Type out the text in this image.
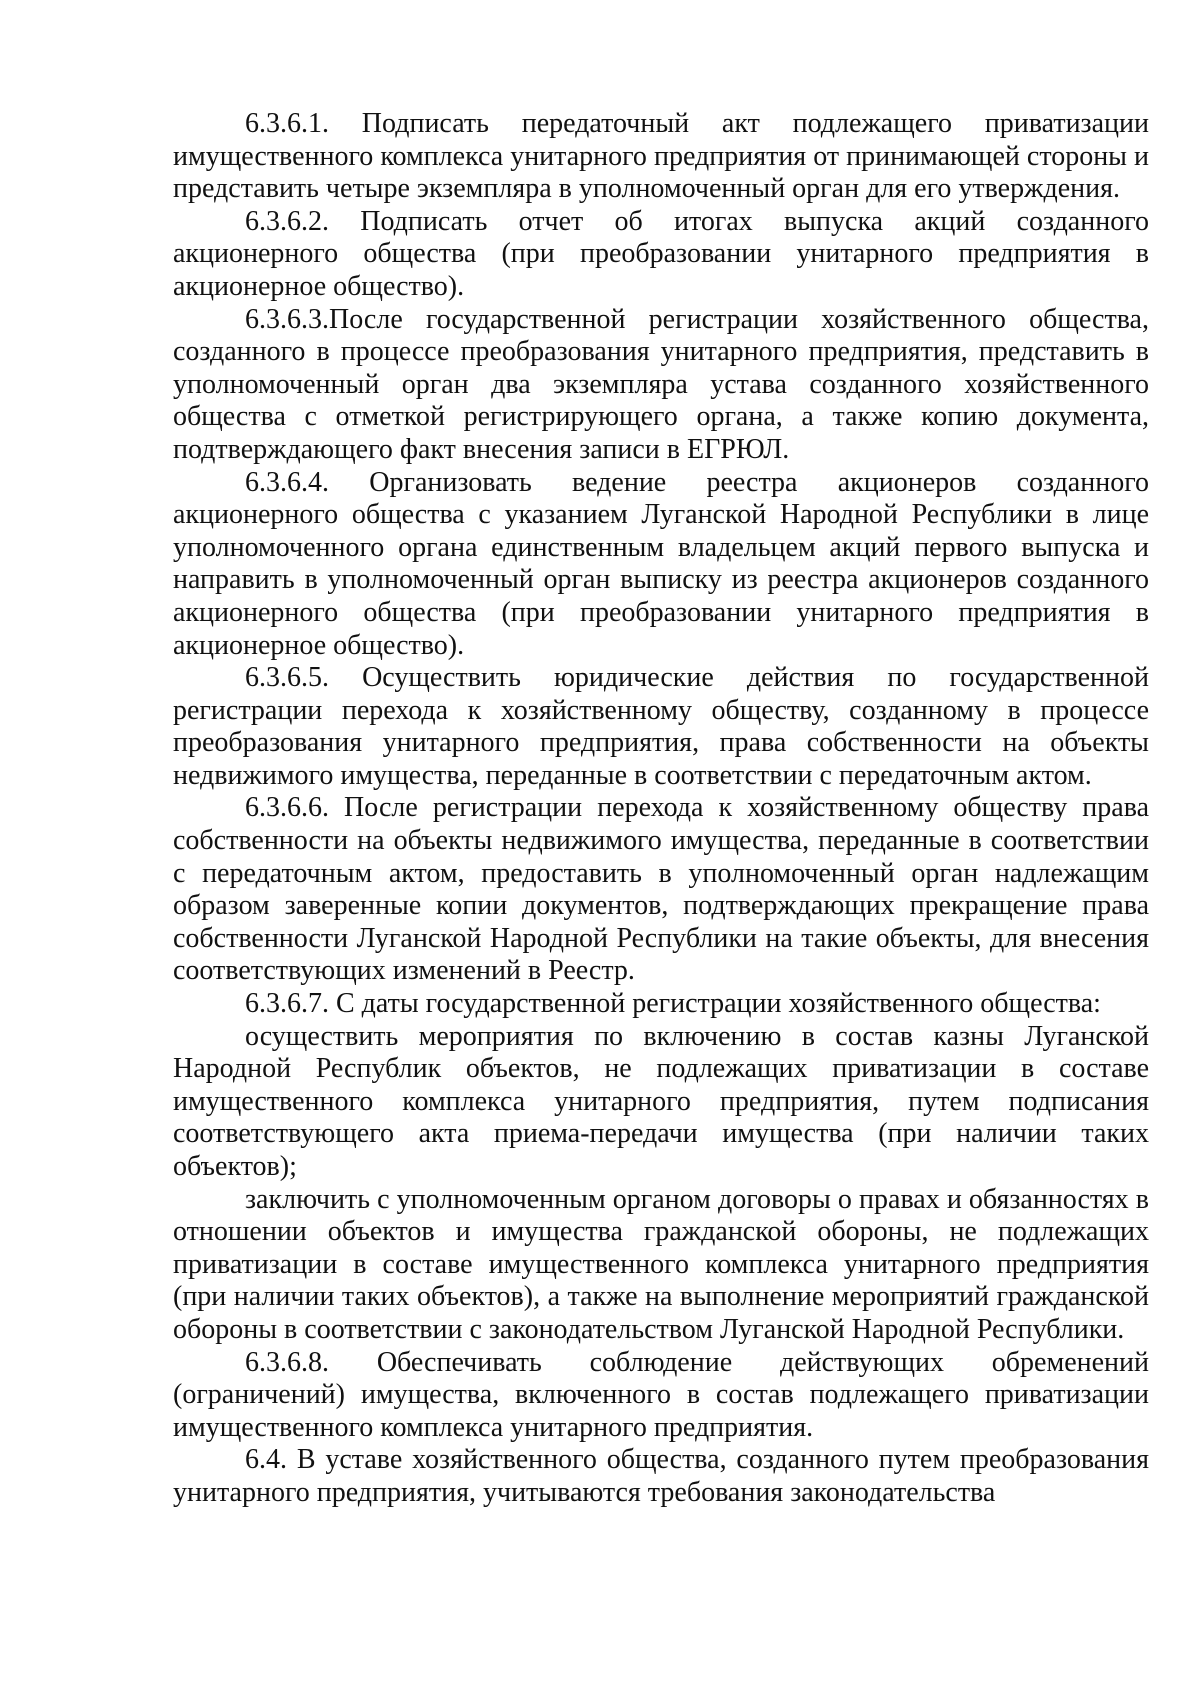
6.3.6.1. Подписать передаточный акт подлежащего приватизации имущественного комплекса унитарного предприятия от принимающей стороны и представить четыре экземпляра в уполномоченный орган для его утверждения.

6.3.6.2. Подписать отчет об итогах выпуска акций созданного акционерного общества (при преобразовании унитарного предприятия в акционерное общество).

6.3.6.3.После государственной регистрации хозяйственного общества, созданного в процессе преобразования унитарного предприятия, представить в уполномоченный орган два экземпляра устава созданного хозяйственного общества с отметкой регистрирующего органа, а также копию документа, подтверждающего факт внесения записи в ЕГРЮЛ.

6.3.6.4. Организовать ведение реестра акционеров созданного акционерного общества с указанием Луганской Народной Республики в лице уполномоченного органа единственным владельцем акций первого выпуска и направить в уполномоченный орган выписку из реестра акционеров созданного акционерного общества (при преобразовании унитарного предприятия в акционерное общество).

6.3.6.5. Осуществить юридические действия по государственной регистрации перехода к хозяйственному обществу, созданному в процессе преобразования унитарного предприятия, права собственности на объекты недвижимого имущества, переданные в соответствии с передаточным актом.

6.3.6.6. После регистрации перехода к хозяйственному обществу права собственности на объекты недвижимого имущества, переданные в соответствии с передаточным актом, предоставить в уполномоченный орган надлежащим образом заверенные копии документов, подтверждающих прекращение права собственности Луганской Народной Республики на такие объекты, для внесения соответствующих изменений в Реестр.

6.3.6.7. С даты государственной регистрации хозяйственного общества:

осуществить мероприятия по включению в состав казны Луганской Народной Республик объектов, не подлежащих приватизации в составе имущественного комплекса унитарного предприятия, путем подписания соответствующего акта приема-передачи имущества (при наличии таких объектов);

заключить с уполномоченным органом договоры о правах и обязанностях в отношении объектов и имущества гражданской обороны, не подлежащих приватизации в составе имущественного комплекса унитарного предприятия (при наличии таких объектов), а также на выполнение мероприятий гражданской обороны в соответствии с законодательством Луганской Народной Республики.

6.3.6.8. Обеспечивать соблюдение действующих обременений (ограничений) имущества, включенного в состав подлежащего приватизации имущественного комплекса унитарного предприятия.

6.4. В уставе хозяйственного общества, созданного путем преобразования унитарного предприятия, учитываются требования законодательства
